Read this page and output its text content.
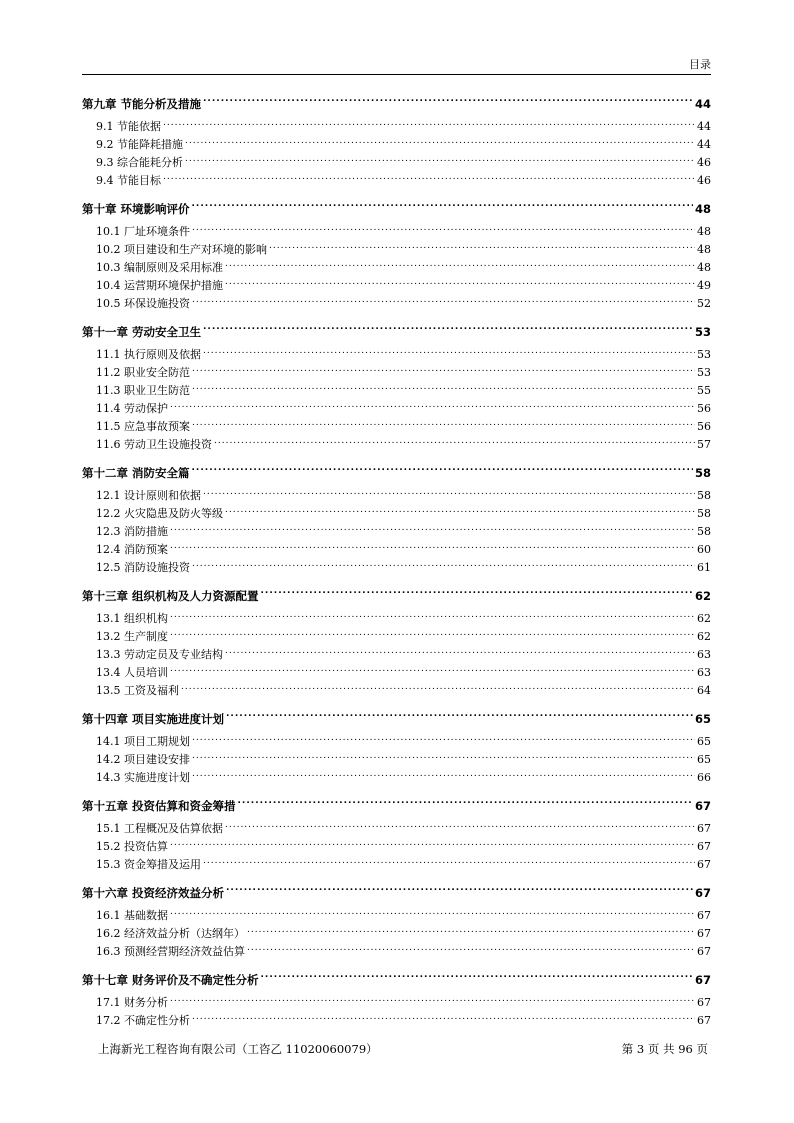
目录
第九章 节能分析及措施 .....	44
9.1 节能依据 .....	44
9.2 节能降耗措施 .....	44
9.3 综合能耗分析 .....	46
9.4 节能目标 .....	46
第十章 环境影响评价 .....	48
10.1 厂址环境条件 .....	48
10.2 项目建设和生产对环境的影响 .....	48
10.3 编制原则及采用标准 .....	48
10.4 运营期环境保护措施 .....	49
10.5 环保设施投资 .....	52
第十一章 劳动安全卫生 .....	53
11.1 执行原则及依据 .....	53
11.2 职业安全防范 .....	53
11.3 职业卫生防范 .....	55
11.4 劳动保护 .....	56
11.5 应急事故预案 .....	56
11.6 劳动卫生设施投资 .....	57
第十二章 消防安全篇 .....	58
12.1 设计原则和依据 .....	58
12.2 火灾隐患及防火等级 .....	58
12.3 消防措施 .....	58
12.4 消防预案 .....	60
12.5 消防设施投资 .....	61
第十三章 组织机构及人力资源配置 .....	62
13.1 组织机构 .....	62
13.2 生产制度 .....	62
13.3 劳动定员及专业结构 .....	63
13.4 人员培训 .....	63
13.5 工资及福利 .....	64
第十四章 项目实施进度计划 .....	65
14.1 项目工期规划 .....	65
14.2 项目建设安排 .....	65
14.3 实施进度计划 .....	66
第十五章 投资估算和资金筹措 .....	67
15.1 工程概况及估算依据 .....	67
15.2 投资估算 .....	67
15.3 资金筹措及运用 .....	67
第十六章 投资经济效益分析 .....	67
16.1 基础数据 .....	67
16.2 经济效益分析（达纲年） .....	67
16.3 预测经营期经济效益估算 .....	67
第十七章 财务评价及不确定性分析 .....	67
17.1 财务分析 .....	67
17.2 不确定性分析 .....	67
上海新光工程咨询有限公司（工咨乙 11020060079）	第 3 页 共 96 页
